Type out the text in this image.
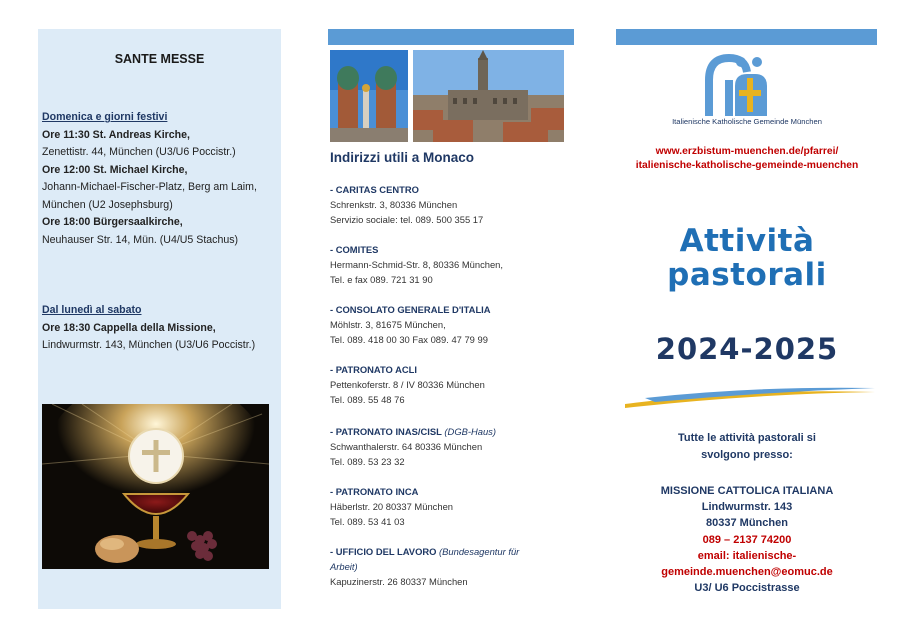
SANTE MESSE
Domenica e giorni festivi
Ore 11:30 St. Andreas Kirche,
Zenettistr. 44, München (U3/U6 Poccistr.)
Ore 12:00 St. Michael Kirche,
Johann-Michael-Fischer-Platz, Berg am Laim,
München (U2 Josephsburg)
Ore 18:00 Bürgersaalkirche,
Neuhauser Str. 14, Mün. (U4/U5 Stachus)
Dal lunedì al sabato
Ore 18:30 Cappella della Missione,
Lindwurmstr. 143, München (U3/U6 Poccistr.)
Indirizzi utili a Monaco
- CARITAS CENTRO
Schrenkstr. 3, 80336 München
Servizio sociale: tel. 089. 500 355 17
- COMITES
Hermann-Schmid-Str. 8, 80336 München,
Tel. e fax 089. 721 31 90
- CONSOLATO GENERALE D'ITALIA
Möhlstr. 3, 81675 München,
Tel. 089. 418 00 30 Fax 089. 47 79 99
- PATRONATO ACLI
Pettenkoferstr. 8 / IV 80336 München
Tel. 089. 55 48 76
- PATRONATO INAS/CISL (DGB-Haus)
Schwanthalerstr. 64 80336 München
Tel. 089. 53 23 32
- PATRONATO INCA
Häberlstr. 20 80337 München
Tel. 089. 53 41 03
- UFFICIO DEL LAVORO (Bundesagentur für
Arbeit)
Kapuzinerstr. 26 80337 München
Italienische Katholische Gemeinde München
www.erzbistum-muenchen.de/pfarrei/
italienische-katholische-gemeinde-muenchen
Attività
pastorali
2024-2025
Tutte le attività pastorali si
svolgono presso:
MISSIONE CATTOLICA ITALIANA
Lindwurmstr. 143
80337 München
089 – 2137 74200
email: italienische-
gemeinde.muenchen@eomuc.de
U3/ U6 Poccistrasse
